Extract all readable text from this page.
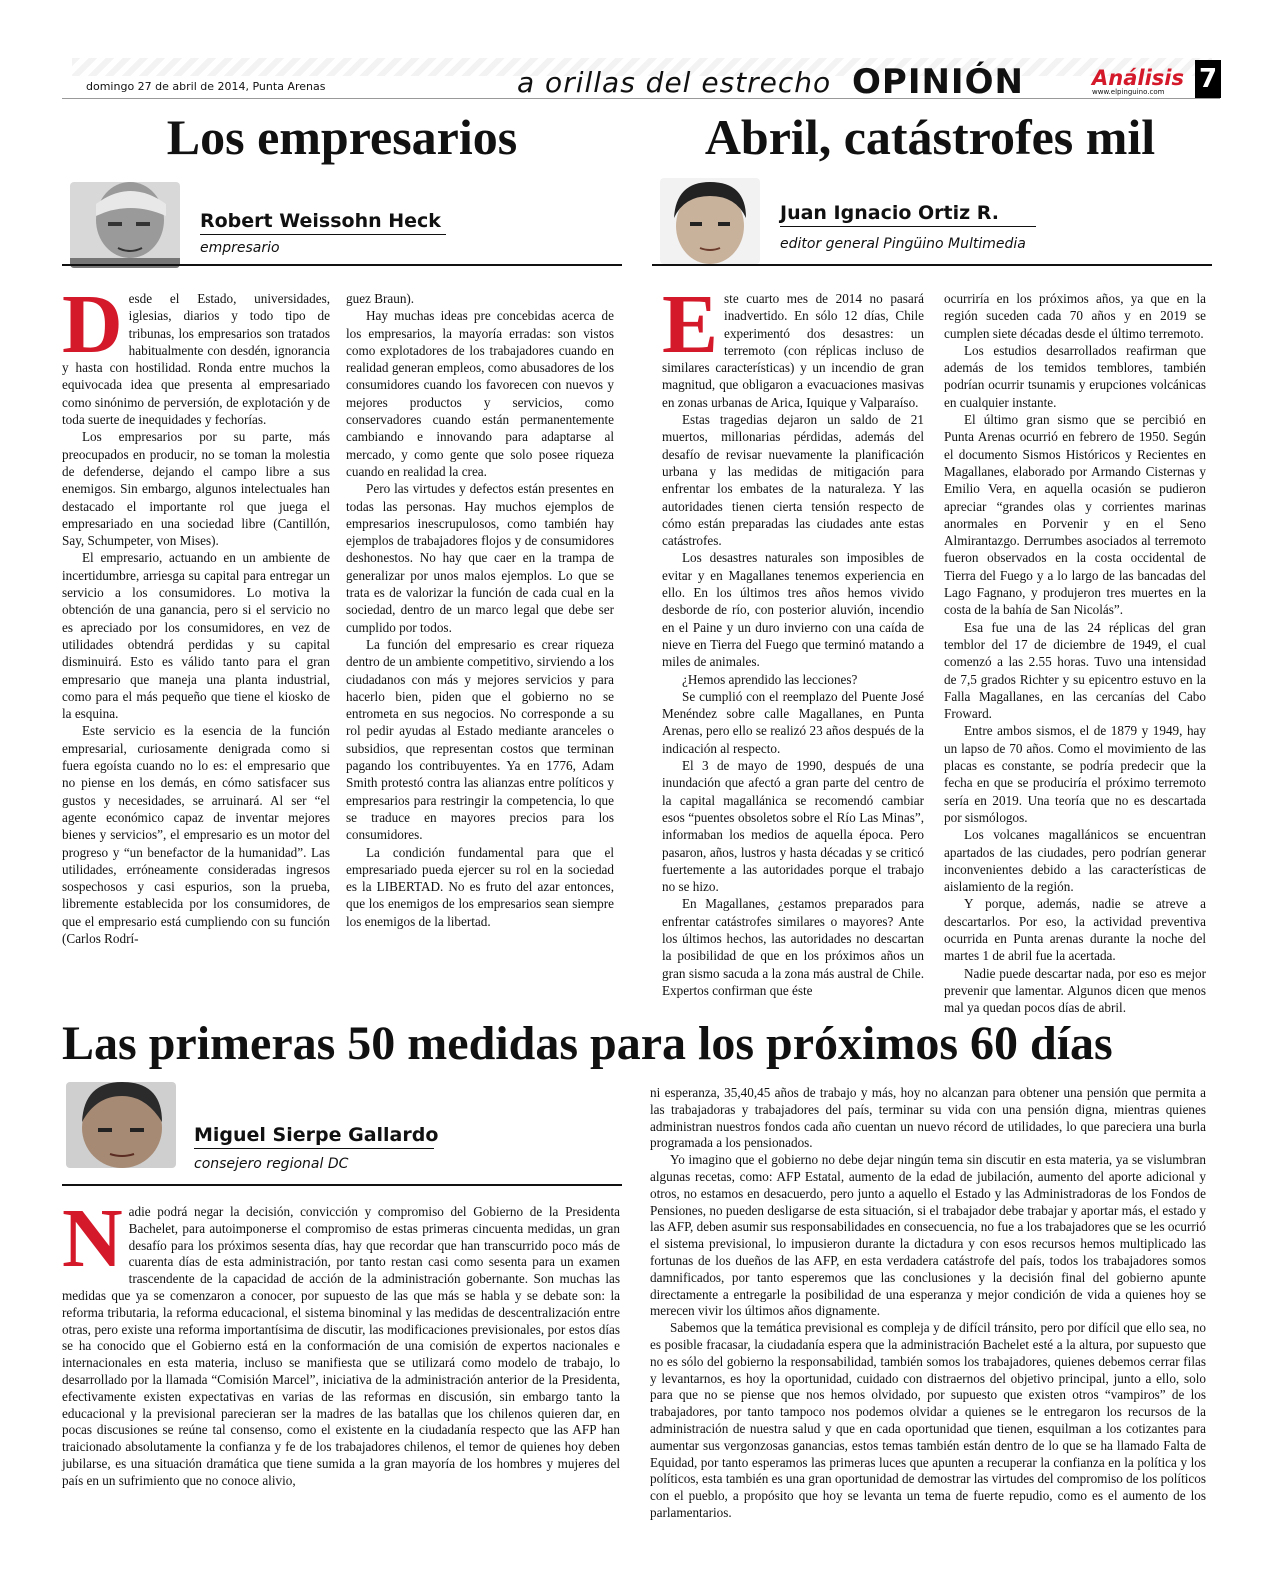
domingo 27 de abril de 2014, Punta Arenas	a orillas del estrecho OPINIÓN	Análisis
www.elpinguino.com	7
Los empresarios
Robert Weissohn Heck
empresario
D esde el Estado, universidades, iglesias, diarios y todo tipo de tribunas, los empresarios son tratados habitualmente con desdén, ignorancia y hasta con hostilidad. Ronda entre muchos la equivocada idea que presenta al empresariado como sinónimo de perversión, de explotación y de toda suerte de inequidades y fechorías.

Los empresarios por su parte, más preocupados en producir, no se toman la molestia de defenderse, dejando el campo libre a sus enemigos. Sin embargo, algunos intelectuales han destacado el importante rol que juega el empresariado en una sociedad libre (Cantillón, Say, Schumpeter, von Mises).

El empresario, actuando en un ambiente de incertidumbre, arriesga su capital para entregar un servicio a los consumidores. Lo motiva la obtención de una ganancia, pero si el servicio no es apreciado por los consumidores, en vez de utilidades obtendrá perdidas y su capital disminuirá. Esto es válido tanto para el gran empresario que maneja una planta industrial, como para el más pequeño que tiene el kiosko de la esquina.

Este servicio es la esencia de la función empresarial, curiosamente denigrada como si fuera egoísta cuando no lo es: el empresario que no piense en los demás, en cómo satisfacer sus gustos y necesidades, se arruinará. Al ser “el agente económico capaz de inventar mejores bienes y servicios”, el empresario es un motor del progreso y “un benefactor de la humanidad”. Las utilidades, erróneamente consideradas ingresos sospechosos y casi espurios, son la prueba, libremente establecida por los consumidores, de que el empresario está cumpliendo con su función (Carlos Rodrí-

guez Braun).

Hay muchas ideas pre concebidas acerca de los empresarios, la mayoría erradas: son vistos como explotadores de los trabajadores cuando en realidad generan empleos, como abusadores de los consumidores cuando los favorecen con nuevos y mejores productos y servicios, como conservadores cuando están permanentemente cambiando e innovando para adaptarse al mercado, y como gente que solo posee riqueza cuando en realidad la crea.

Pero las virtudes y defectos están presentes en todas las personas. Hay muchos ejemplos de empresarios inescrupulosos, como también hay ejemplos de trabajadores flojos y de consumidores deshonestos. No hay que caer en la trampa de generalizar por unos malos ejemplos. Lo que se trata es de valorizar la función de cada cual en la sociedad, dentro de un marco legal que debe ser cumplido por todos.

La función del empresario es crear riqueza dentro de un ambiente competitivo, sirviendo a los ciudadanos con más y mejores servicios y para hacerlo bien, piden que el gobierno no se entrometa en sus negocios. No corresponde a su rol pedir ayudas al Estado mediante aranceles o subsidios, que representan costos que terminan pagando los contribuyentes. Ya en 1776, Adam Smith protestó contra las alianzas entre políticos y empresarios para restringir la competencia, lo que se traduce en mayores precios para los consumidores.

La condición fundamental para que el empresariado pueda ejercer su rol en la sociedad es la LIBERTAD. No es fruto del azar entonces, que los enemigos de los empresarios sean siempre los enemigos de la libertad.

Abril, catástrofes mil
Juan Ignacio Ortiz R.
editor general Pingüino Multimedia
E ste cuarto mes de 2014 no pasará inadvertido. En sólo 12 días, Chile experimentó dos desastres: un terremoto (con réplicas incluso de similares características) y un incendio de gran magnitud, que obligaron a evacuaciones masivas en zonas urbanas de Arica, Iquique y Valparaíso.

Estas tragedias dejaron un saldo de 21 muertos, millonarias pérdidas, además del desafío de revisar nuevamente la planificación urbana y las medidas de mitigación para enfrentar los embates de la naturaleza. Y las autoridades tienen cierta tensión respecto de cómo están preparadas las ciudades ante estas catástrofes.

Los desastres naturales son imposibles de evitar y en Magallanes tenemos experiencia en ello. En los últimos tres años hemos vivido desborde de río, con posterior aluvión, incendio en el Paine y un duro invierno con una caída de nieve en Tierra del Fuego que terminó matando a miles de animales.

¿Hemos aprendido las lecciones?

Se cumplió con el reemplazo del Puente José Menéndez sobre calle Magallanes, en Punta Arenas, pero ello se realizó 23 años después de la indicación al respecto.

El 3 de mayo de 1990, después de una inundación que afectó a gran parte del centro de la capital magallánica se recomendó cambiar esos “puentes obsoletos sobre el Río Las Minas”, informaban los medios de aquella época. Pero pasaron, años, lustros y hasta décadas y se criticó fuertemente a las autoridades porque el trabajo no se hizo.

En Magallanes, ¿estamos preparados para enfrentar catástrofes similares o mayores? Ante los últimos hechos, las autoridades no descartan la posibilidad de que en los próximos años un gran sismo sacuda a la zona más austral de Chile. Expertos confirman que éste

ocurriría en los próximos años, ya que en la región suceden cada 70 años y en 2019 se cumplen siete décadas desde el último terremoto.

Los estudios desarrollados reafirman que además de los temidos temblores, también podrían ocurrir tsunamis y erupciones volcánicas en cualquier instante.

El último gran sismo que se percibió en Punta Arenas ocurrió en febrero de 1950. Según el documento Sismos Históricos y Recientes en Magallanes, elaborado por Armando Cisternas y Emilio Vera, en aquella ocasión se pudieron apreciar “grandes olas y corrientes marinas anormales en Porvenir y en el Seno Almirantazgo. Derrumbes asociados al terremoto fueron observados en la costa occidental de Tierra del Fuego y a lo largo de las bancadas del Lago Fagnano, y produjeron tres muertes en la costa de la bahía de San Nicolás”.

Esa fue una de las 24 réplicas del gran temblor del 17 de diciembre de 1949, el cual comenzó a las 2.55 horas. Tuvo una intensidad de 7,5 grados Richter y su epicentro estuvo en la Falla Magallanes, en las cercanías del Cabo Froward.

Entre ambos sismos, el de 1879 y 1949, hay un lapso de 70 años. Como el movimiento de las placas es constante, se podría predecir que la fecha en que se produciría el próximo terremoto sería en 2019. Una teoría que no es descartada por sismólogos.

Los volcanes magallánicos se encuentran apartados de las ciudades, pero podrían generar inconvenientes debido a las características de aislamiento de la región.

Y porque, además, nadie se atreve a descartarlos. Por eso, la actividad preventiva ocurrida en Punta arenas durante la noche del martes 1 de abril fue la acertada.

Nadie puede descartar nada, por eso es mejor prevenir que lamentar. Algunos dicen que menos mal ya quedan pocos días de abril.

Las primeras 50 medidas para los próximos 60 días
Miguel Sierpe Gallardo
consejero regional DC
N adie podrá negar la decisión, convicción y compromiso del Gobierno de la Presidenta Bachelet, para autoimponerse el compromiso de estas primeras cincuenta medidas, un gran desafío para los próximos sesenta días, hay que recordar que han transcurrido poco más de cuarenta días de esta administración, por tanto restan casi como sesenta para un examen trascendente de la capacidad de acción de la administración gobernante. Son muchas las medidas que ya se comenzaron a conocer, por supuesto de las que más se habla y se debate son: la reforma tributaria, la reforma educacional, el sistema binominal y las medidas de descentralización entre otras, pero existe una reforma importantísima de discutir, las modificaciones previsionales, por estos días se ha conocido que el Gobierno está en la conformación de una comisión de expertos nacionales e internacionales en esta materia, incluso se manifiesta que se utilizará como modelo de trabajo, lo desarrollado por la llamada “Comisión Marcel”, iniciativa de la administración anterior de la Presidenta, efectivamente existen expectativas en varias de las reformas en discusión, sin embargo tanto la educacional y la previsional parecieran ser la madres de las batallas que los chilenos quieren dar, en pocas discusiones se reúne tal consenso, como el existente en la ciudadanía respecto que las AFP han traicionado absolutamente la confianza y fe de los trabajadores chilenos, el temor de quienes hoy deben jubilarse, es una situación dramática que tiene sumida a la gran mayoría de los hombres y mujeres del país en un sufrimiento que no conoce alivio,

ni esperanza, 35,40,45 años de trabajo y más, hoy no alcanzan para obtener una pensión que permita a las trabajadoras y trabajadores del país, terminar su vida con una pensión digna, mientras quienes administran nuestros fondos cada año cuentan un nuevo récord de utilidades, lo que pareciera una burla programada a los pensionados.

Yo imagino que el gobierno no debe dejar ningún tema sin discutir en esta materia, ya se vislumbran algunas recetas, como: AFP Estatal, aumento de la edad de jubilación, aumento del aporte adicional y otros, no estamos en desacuerdo, pero junto a aquello el Estado y las Administradoras de los Fondos de Pensiones, no pueden desligarse de esta situación, si el trabajador debe trabajar y aportar más, el estado y las AFP, deben asumir sus responsabilidades en consecuencia, no fue a los trabajadores que se les ocurrió el sistema previsional, lo impusieron durante la dictadura y con esos recursos hemos multiplicado las fortunas de los dueños de las AFP, en esta verdadera catástrofe del país, todos los trabajadores somos damnificados, por tanto esperemos que las conclusiones y la decisión final del gobierno apunte directamente a entregarle la posibilidad de una esperanza y mejor condición de vida a quienes hoy se merecen vivir los últimos años dignamente.

Sabemos que la temática previsional es compleja y de difícil tránsito, pero por difícil que ello sea, no es posible fracasar, la ciudadanía espera que la administración Bachelet esté a la altura, por supuesto que no es sólo del gobierno la responsabilidad, también somos los trabajadores, quienes debemos cerrar filas y levantarnos, es hoy la oportunidad, cuidado con distraernos del objetivo principal, junto a ello, solo para que no se piense que nos hemos olvidado, por supuesto que existen otros “vampiros” de los trabajadores, por tanto tampoco nos podemos olvidar a quienes se le entregaron los recursos de la administración de nuestra salud y que en cada oportunidad que tienen, esquilman a los cotizantes para aumentar sus vergonzosas ganancias, estos temas también están dentro de lo que se ha llamado Falta de Equidad, por tanto esperamos las primeras luces que apunten a recuperar la confianza en la política y los políticos, esta también es una gran oportunidad de demostrar las virtudes del compromiso de los políticos con el pueblo, a propósito que hoy se levanta un tema de fuerte repudio, como es el aumento de los parlamentarios.
